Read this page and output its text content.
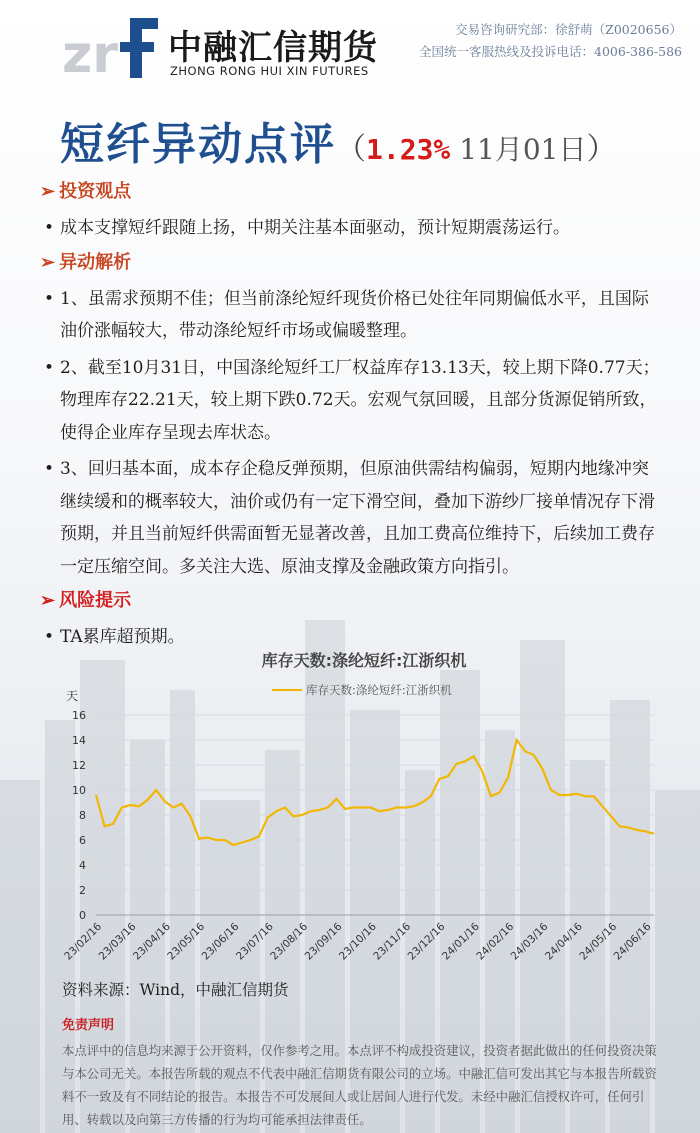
zr 中融汇信期货
ZHONG RONG HUI XIN FUTURES
交易咨询研究部：徐舒萌（Z0020656）
全国统一客服热线及投诉电话：4006-386-586
短纤异动点评（1.23% 11月01日）
➢ 投资观点
• 成本支撑短纤跟随上扬，中期关注基本面驱动，预计短期震荡运行。
➢ 异动解析
• 1、虽需求预期不佳；但当前涤纶短纤现货价格已处往年同期偏低水平，且国际油价涨幅较大，带动涤纶短纤市场或偏暖整理。
• 2、截至10月31日，中国涤纶短纤工厂权益库存13.13天，较上期下降0.77天；物理库存22.21天，较上期下跌0.72天。宏观气氛回暖，且部分货源促销所致，使得企业库存呈现去库状态。
• 3、回归基本面，成本存企稳反弹预期，但原油供需结构偏弱，短期内地缘冲突继续缓和的概率较大，油价或仍有一定下滑空间，叠加下游纱厂接单情况存下滑预期，并且当前短纤供需面暂无显著改善，且加工费高位维持下，后续加工费存一定压缩空间。多关注大选、原油支撑及金融政策方向指引。
➢ 风险提示
• TA累库超预期。
库存天数:涤纶短纤:江浙织机
库存天数:涤纶短纤:江浙织机
天
0
2
4
6
8
10
12
14
16
23/02/16
23/03/16
23/04/16
23/05/16
23/06/16
23/07/16
23/08/16
23/09/16
23/10/16
23/11/16
23/12/16
24/01/16
24/02/16
24/03/16
24/04/16
24/05/16
24/06/16
资料来源：Wind，中融汇信期货
免责声明
本点评中的信息均来源于公开资料，仅作参考之用。本点评不构成投资建议，投资者据此做出的任何投资决策与本公司无关。本报告所载的观点不代表中融汇信期货有限公司的立场。中融汇信可发出其它与本报告所载资料不一致及有不同结论的报告。本报告不可发展间人或让居间人进行代发。未经中融汇信授权许可，任何引用、转载以及向第三方传播的行为均可能承担法律责任。
